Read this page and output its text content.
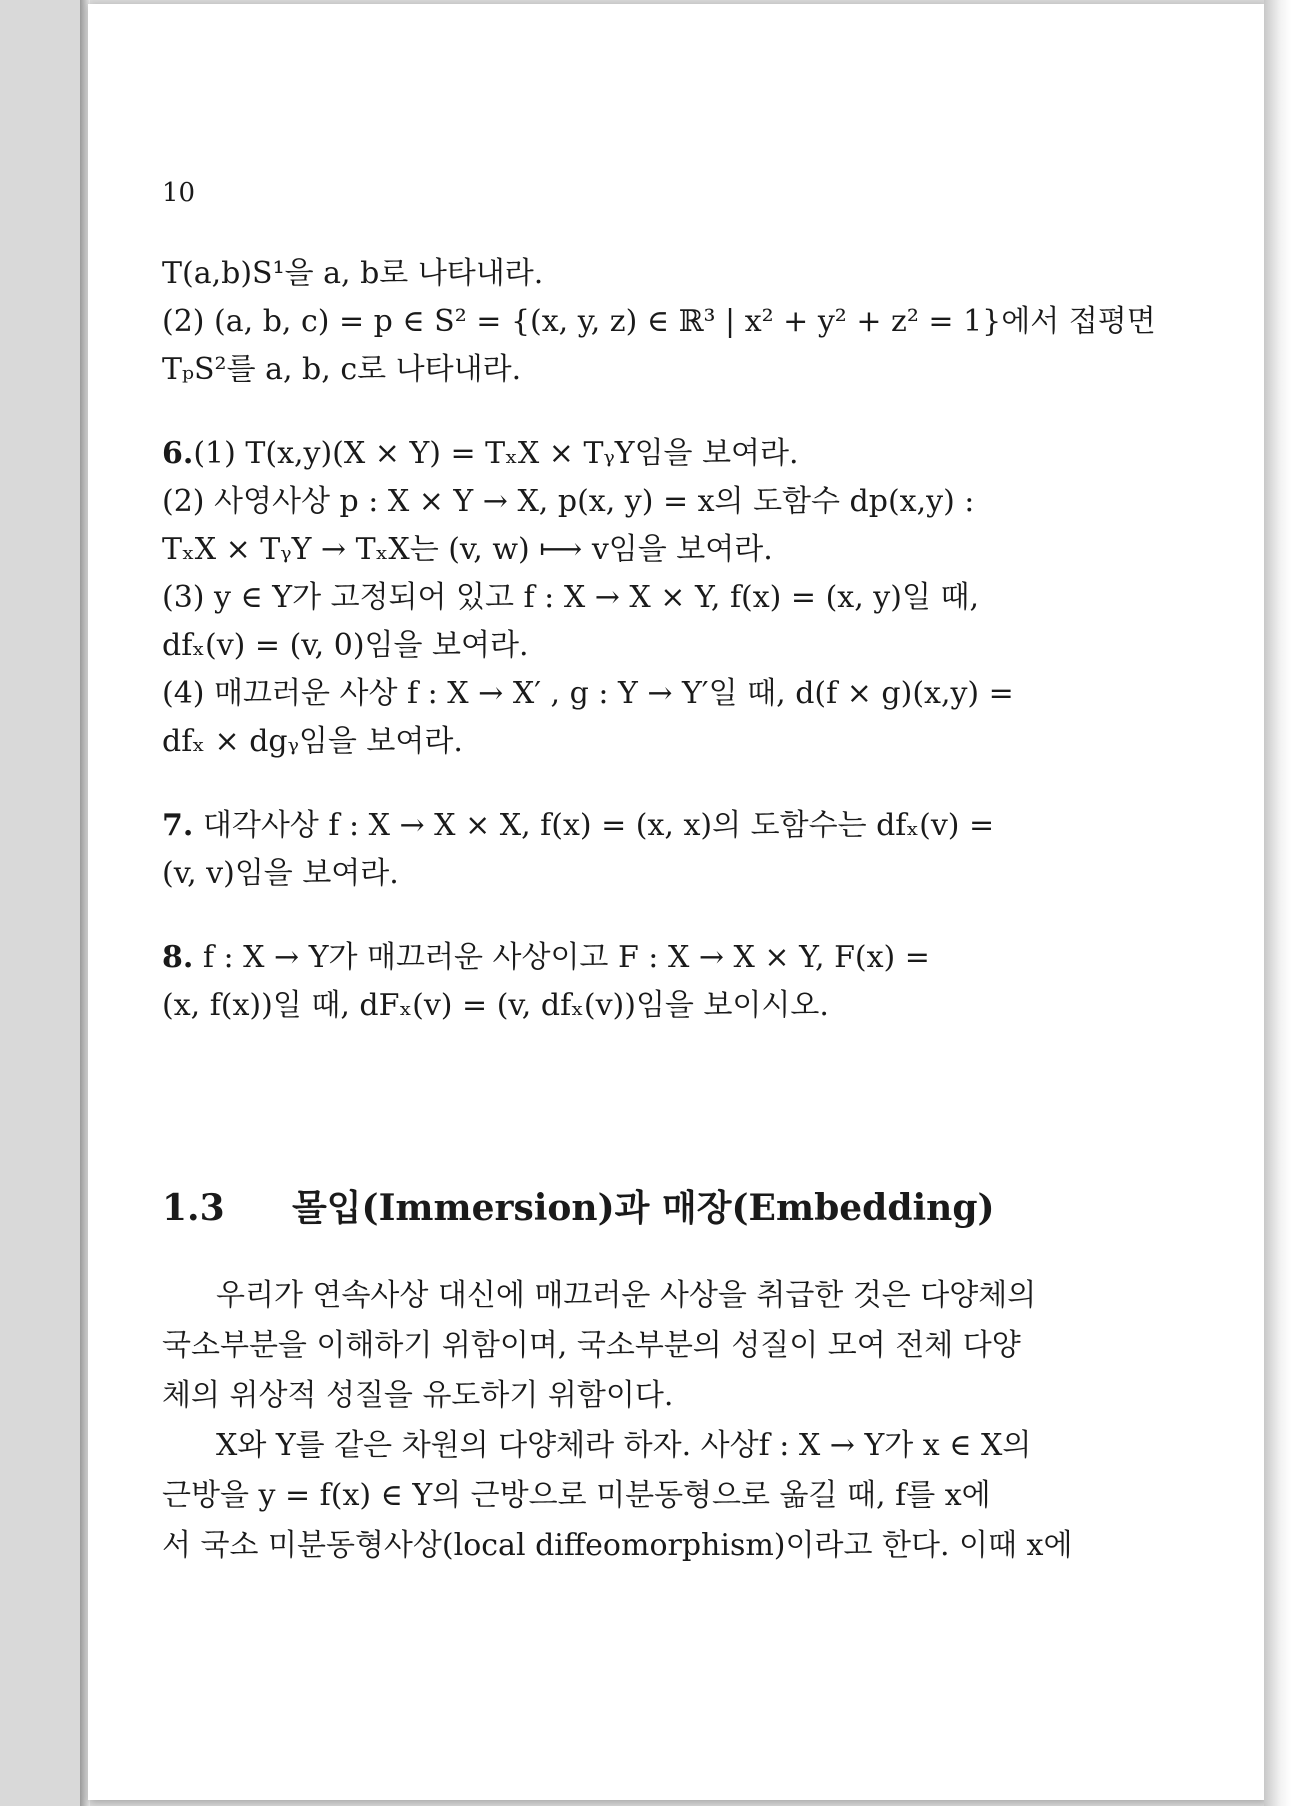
10
T(a,b)S¹을 a, b로 나타내라.
(2) (a, b, c) = p ∈ S² = {(x, y, z) ∈ ℝ³ | x² + y² + z² = 1}에서 접평면
TₚS²를 a, b, c로 나타내라.
6.(1) T(x,y)(X × Y) = TₓX × TᵧY임을 보여라.
(2) 사영사상 p : X × Y → X, p(x, y) = x의 도함수 dp(x,y) :
TₓX × TᵧY → TₓX는 (v, w) ⟼ v임을 보여라.
(3) y ∈ Y가 고정되어 있고 f : X → X × Y, f(x) = (x, y)일 때,
dfₓ(v) = (v, 0)임을 보여라.
(4) 매끄러운 사상 f : X → X′ , g : Y → Y′일 때, d(f × g)(x,y) =
dfₓ × dgᵧ임을 보여라.
7. 대각사상 f : X → X × X, f(x) = (x, x)의 도함수는 dfₓ(v) =
(v, v)임을 보여라.
8. f : X → Y가 매끄러운 사상이고 F : X → X × Y, F(x) =
(x, f(x))일 때, dFₓ(v) = (v, dfₓ(v))임을 보이시오.
1.3 몰입(Immersion)과 매장(Embedding)
우리가 연속사상 대신에 매끄러운 사상을 취급한 것은 다양체의
국소부분을 이해하기 위함이며, 국소부분의 성질이 모여 전체 다양
체의 위상적 성질을 유도하기 위함이다.
X와 Y를 같은 차원의 다양체라 하자. 사상f : X → Y가 x ∈ X의
근방을 y = f(x) ∈ Y의 근방으로 미분동형으로 옮길 때, f를 x에
서 국소 미분동형사상(local diffeomorphism)이라고 한다. 이때 x에
